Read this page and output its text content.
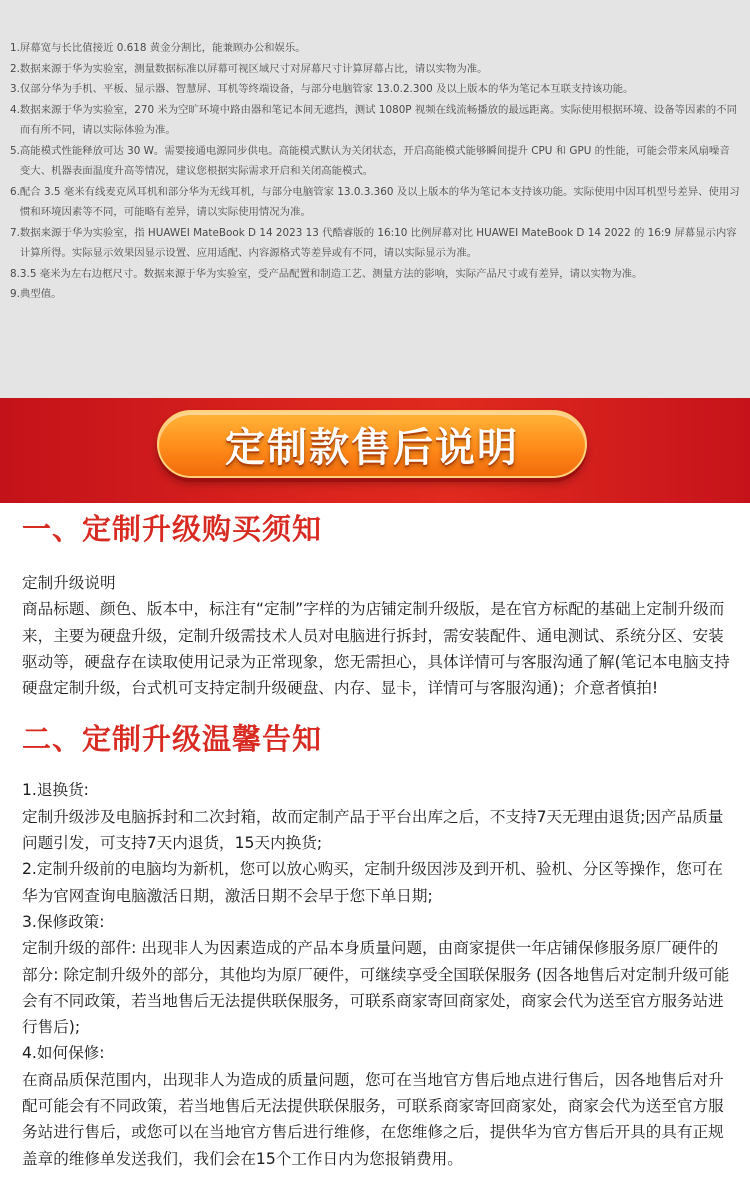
1. 屏幕宽与长比值接近 0.618 黄金分割比，能兼顾办公和娱乐。
2. 数据来源于华为实验室，测量数据标准以屏幕可视区域尺寸对屏幕尺寸计算屏幕占比，请以实物为准。
3. 仅部分华为手机、平板、显示器、智慧屏、耳机等终端设备，与部分电脑管家 13.0.2.300 及以上版本的华为笔记本互联支持该功能。
4. 数据来源于华为实验室，270 米为空旷环境中路由器和笔记本间无遮挡，测试 1080P 视频在线流畅播放的最远距离。实际使用根据环境、设备等因素的不同而有所不同，请以实际体验为准。
5. 高能模式性能释放可达 30 W。需要接通电源同步供电。高能模式默认为关闭状态，开启高能模式能够瞬间提升 CPU 和 GPU 的性能，可能会带来风扇噪音变大、机器表面温度升高等情况，建议您根据实际需求开启和关闭高能模式。
6. 配合 3.5 毫米有线麦克风耳机和部分华为无线耳机，与部分电脑管家 13.0.3.360 及以上版本的华为笔记本支持该功能。实际使用中因耳机型号差异、使用习惯和环境因素等不同，可能略有差异，请以实际使用情况为准。
7. 数据来源于华为实验室，指 HUAWEI MateBook D 14 2023 13 代酷睿版的 16:10 比例屏幕对比 HUAWEI MateBook D 14 2022 的 16:9 屏幕显示内容计算所得。实际显示效果因显示设置、应用适配、内容源格式等差异或有不同，请以实际显示为准。
8. 3.5 毫米为左右边框尺寸。数据来源于华为实验室，受产品配置和制造工艺、测量方法的影响，实际产品尺寸或有差异，请以实物为准。
9. 典型值。
定制款售后说明
一、定制升级购买须知
定制升级说明
商品标题、颜色、版本中，标注有“定制”字样的为店铺定制升级版，是在官方标配的基础上定制升级而来，主要为硬盘升级，定制升级需技术人员对电脑进行拆封，需安装配件、通电测试、系统分区、安装驱动等，硬盘存在读取使用记录为正常现象，您无需担心，具体详情可与客服沟通了解(笔记本电脑支持硬盘定制升级，台式机可支持定制升级硬盘、内存、显卡，详情可与客服沟通)；介意者慎拍!
二、定制升级温馨告知

1.退换货:

定制升级涉及电脑拆封和二次封箱，故而定制产品于平台出库之后，不支持7天无理由退货;因产品质量问题引发，可支持7天内退货，15天内换货;

2.定制升级前的电脑均为新机，您可以放心购买，定制升级因涉及到开机、验机、分区等操作，您可在华为官网查询电脑激活日期，激活日期不会早于您下单日期;

3.保修政策:

定制升级的部件: 出现非人为因素造成的产品本身质量问题，由商家提供一年店铺保修服务原厂硬件的部分: 除定制升级外的部分，其他均为原厂硬件，可继续享受全国联保服务 (因各地售后对定制升级可能会有不同政策，若当地售后无法提供联保服务，可联系商家寄回商家处，商家会代为送至官方服务站进行售后);

4.如何保修:

在商品质保范围内，出现非人为造成的质量问题，您可在当地官方售后地点进行售后，因各地售后对升配可能会有不同政策，若当地售后无法提供联保服务，可联系商家寄回商家处，商家会代为送至官方服务站进行售后，或您可以在当地官方售后进行维修，在您维修之后，提供华为官方售后开具的具有正规盖章的维修单发送我们，我们会在15个工作日内为您报销费用。
